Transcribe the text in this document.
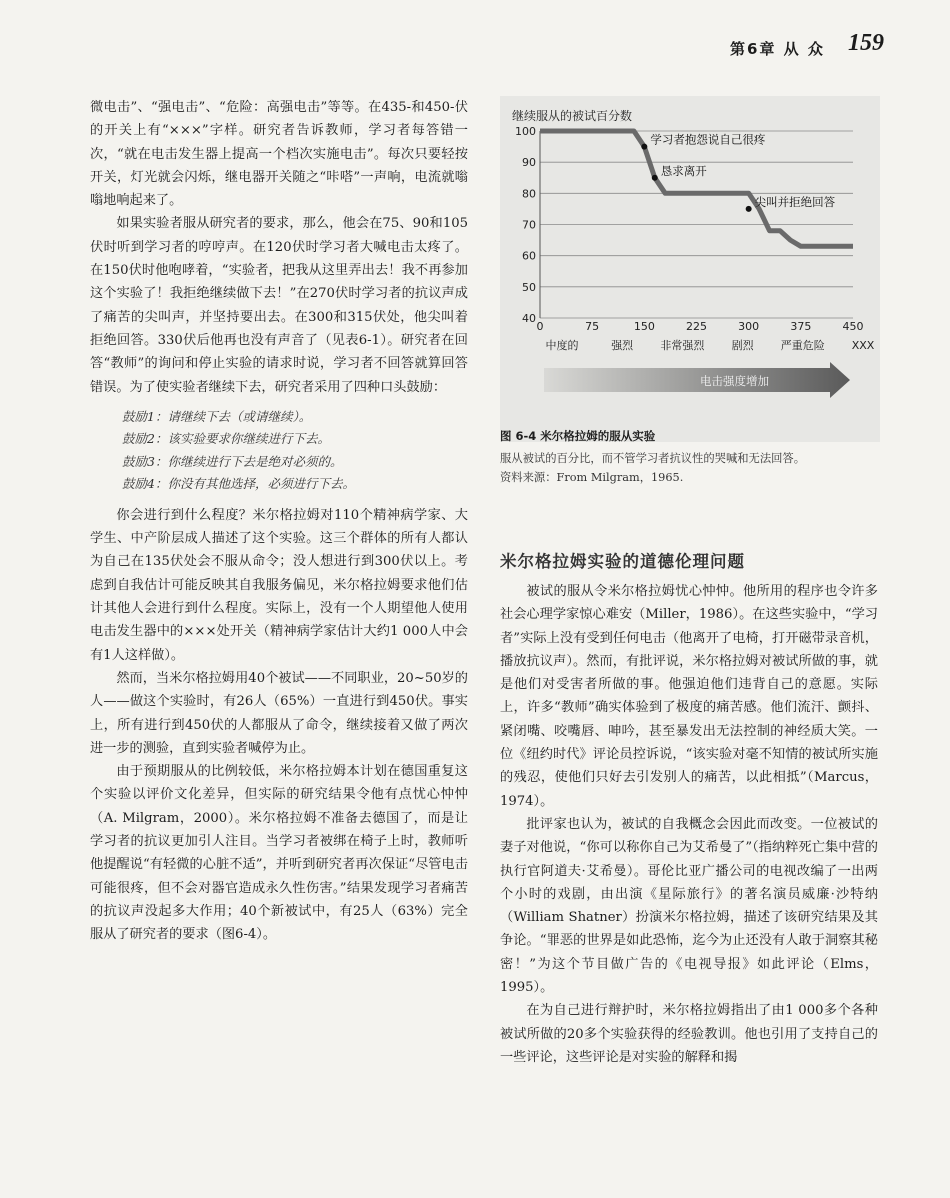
第6章 从 众 159

微电击”、“强电击”、“危险：高强电击”等等。在435-和450-伏的开关上有“×××”字样。研究者告诉教师，学习者每答错一次，“就在电击发生器上提高一个档次实施电击”。每次只要轻按开关，灯光就会闪烁，继电器开关随之“咔嗒”一声响，电流就嗡嗡地响起来了。

如果实验者服从研究者的要求，那么，他会在75、90和105伏时听到学习者的哼哼声。在120伏时学习者大喊电击太疼了。在150伏时他咆哮着，“实验者，把我从这里弄出去！我不再参加这个实验了！我拒绝继续做下去！”在270伏时学习者的抗议声成了痛苦的尖叫声，并坚持要出去。在300和315伏处，他尖叫着拒绝回答。330伏后他再也没有声音了（见表6-1）。研究者在回答“教师”的询问和停止实验的请求时说，学习者不回答就算回答错误。为了使实验者继续下去，研究者采用了四种口头鼓励：

鼓励1：请继续下去（或请继续）。

鼓励2：该实验要求你继续进行下去。

鼓励3：你继续进行下去是绝对必须的。

鼓励4：你没有其他选择，必须进行下去。

你会进行到什么程度？米尔格拉姆对110个精神病学家、大学生、中产阶层成人描述了这个实验。这三个群体的所有人都认为自己在135伏处会不服从命令；没人想进行到300伏以上。考虑到自我估计可能反映其自我服务偏见，米尔格拉姆要求他们估计其他人会进行到什么程度。实际上，没有一个人期望他人使用电击发生器中的×××处开关（精神病学家估计大约1 000人中会有1人这样做）。

然而，当米尔格拉姆用40个被试——不同职业，20~50岁的人——做这个实验时，有26人（65%）一直进行到450伏。事实上，所有进行到450伏的人都服从了命令，继续接着又做了两次进一步的测验，直到实验者喊停为止。

由于预期服从的比例较低，米尔格拉姆本计划在德国重复这个实验以评价文化差异，但实际的研究结果令他有点忧心忡忡（A. Milgram，2000）。米尔格拉姆不准备去德国了，而是让学习者的抗议更加引人注目。当学习者被绑在椅子上时，教师听他提醒说“有轻微的心脏不适”，并听到研究者再次保证“尽管电击可能很疼，但不会对器官造成永久性伤害。”结果发现学习者痛苦的抗议声没起多大作用；40个新被试中，有25人（63%）完全服从了研究者的要求（图6-4）。

继续服从的被试百分数
40
50
60
70
80
90
100
0	75	150	225	300	375	450
中度的	强烈 非常强烈 剧烈 严重危险 XXX
学习者抱怨说自己很疼
恳求离开
尖叫并拒绝回答
电击强度增加

图 6-4 米尔格拉姆的服从实验

服从被试的百分比，而不管学习者抗议性的哭喊和无法回答。

资料来源：From Milgram，1965.

米尔格拉姆实验的道德伦理问题

被试的服从令米尔格拉姆忧心忡忡。他所用的程序也令许多社会心理学家惊心难安（Miller，1986）。在这些实验中，“学习者”实际上没有受到任何电击（他离开了电椅，打开磁带录音机，播放抗议声）。然而，有批评说，米尔格拉姆对被试所做的事，就是他们对受害者所做的事。他强迫他们违背自己的意愿。实际上，许多“教师”确实体验到了极度的痛苦感。他们流汗、颤抖、紧闭嘴、咬嘴唇、呻吟，甚至暴发出无法控制的神经质大笑。一位《纽约时代》评论员控诉说，“该实验对毫不知情的被试所实施的残忍，使他们只好去引发别人的痛苦，以此相抵”（Marcus，1974）。

批评家也认为，被试的自我概念会因此而改变。一位被试的妻子对他说，“你可以称你自己为艾希曼了”（指纳粹死亡集中营的执行官阿道夫·艾希曼）。哥伦比亚广播公司的电视改编了一出两个小时的戏剧，由出演《星际旅行》的著名演员威廉·沙特纳（William Shatner）扮演米尔格拉姆，描述了该研究结果及其争论。“罪恶的世界是如此恐怖，迄今为止还没有人敢于洞察其秘密！”为这个节目做广告的《电视导报》如此评论（Elms，1995）。

在为自己进行辩护时，米尔格拉姆指出了由1 000多个各种被试所做的20多个实验获得的经验教训。他也引用了支持自己的一些评论，这些评论是对实验的解释和揭
